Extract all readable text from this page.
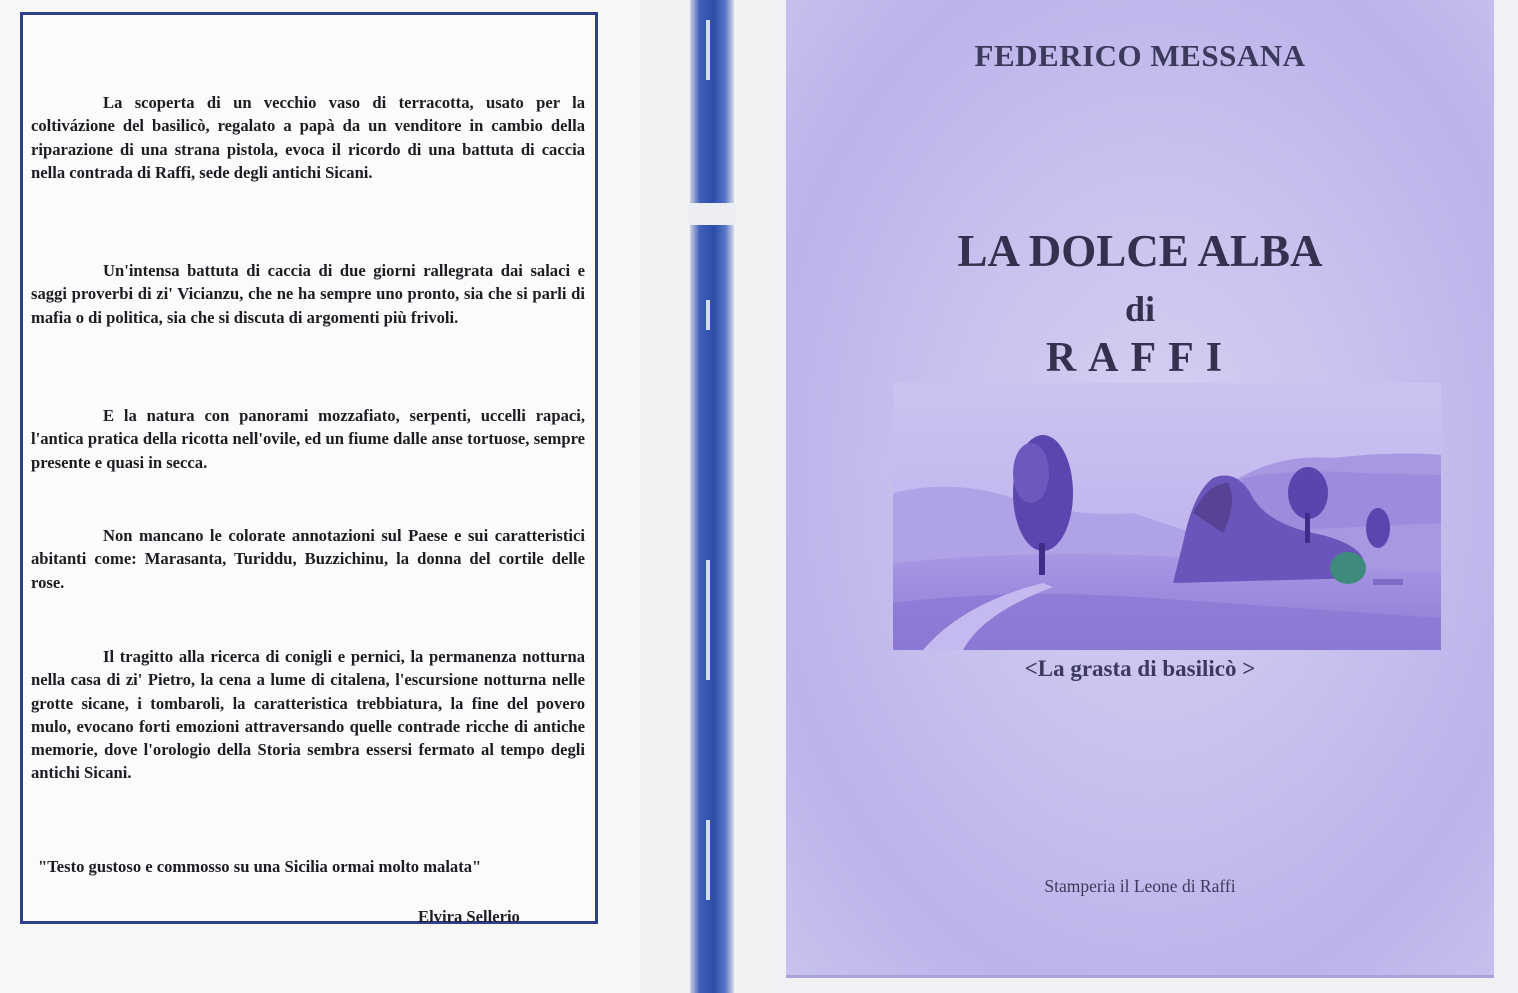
La scoperta di un vecchio vaso di terracotta, usato per la coltivázione del basilicò, regalato a papà da un venditore in cambio della riparazione di una strana pistola, evoca il ricordo di una battuta di caccia nella contrada di Raffi, sede degli antichi Sicani.

Un'intensa battuta di caccia di due giorni rallegrata dai salaci e saggi proverbi di zi' Vicianzu, che ne ha sempre uno pronto, sia che si parli di mafia o di politica, sia che si discuta di argomenti più frivoli.

E la natura con panorami mozzafiato, serpenti, uccelli rapaci, l'antica pratica della ricotta nell'ovile, ed un fiume dalle anse tortuose, sempre presente e quasi in secca.

Non mancano le colorate annotazioni sul Paese e sui caratteristici abitanti come: Marasanta, Turiddu, Buzzichinu, la donna del cortile delle rose.

Il tragitto alla ricerca di conigli e pernici, la permanenza notturna nella casa di zi' Pietro, la cena a lume di citalena, l'escursione notturna nelle grotte sicane, i tombaroli, la caratteristica trebbiatura, la fine del povero mulo, evocano forti emozioni attraversando quelle contrade ricche di antiche memorie, dove l'orologio della Storia sembra essersi fermato al tempo degli antichi Sicani.

"Testo gustoso e commosso su una Sicilia ormai molto malata"

Elvira Sellerio

FEDERICO MESSANA

LA DOLCE ALBA

di

RAFFI

<La grasta di basilicò >

Stamperia il Leone di Raffi
